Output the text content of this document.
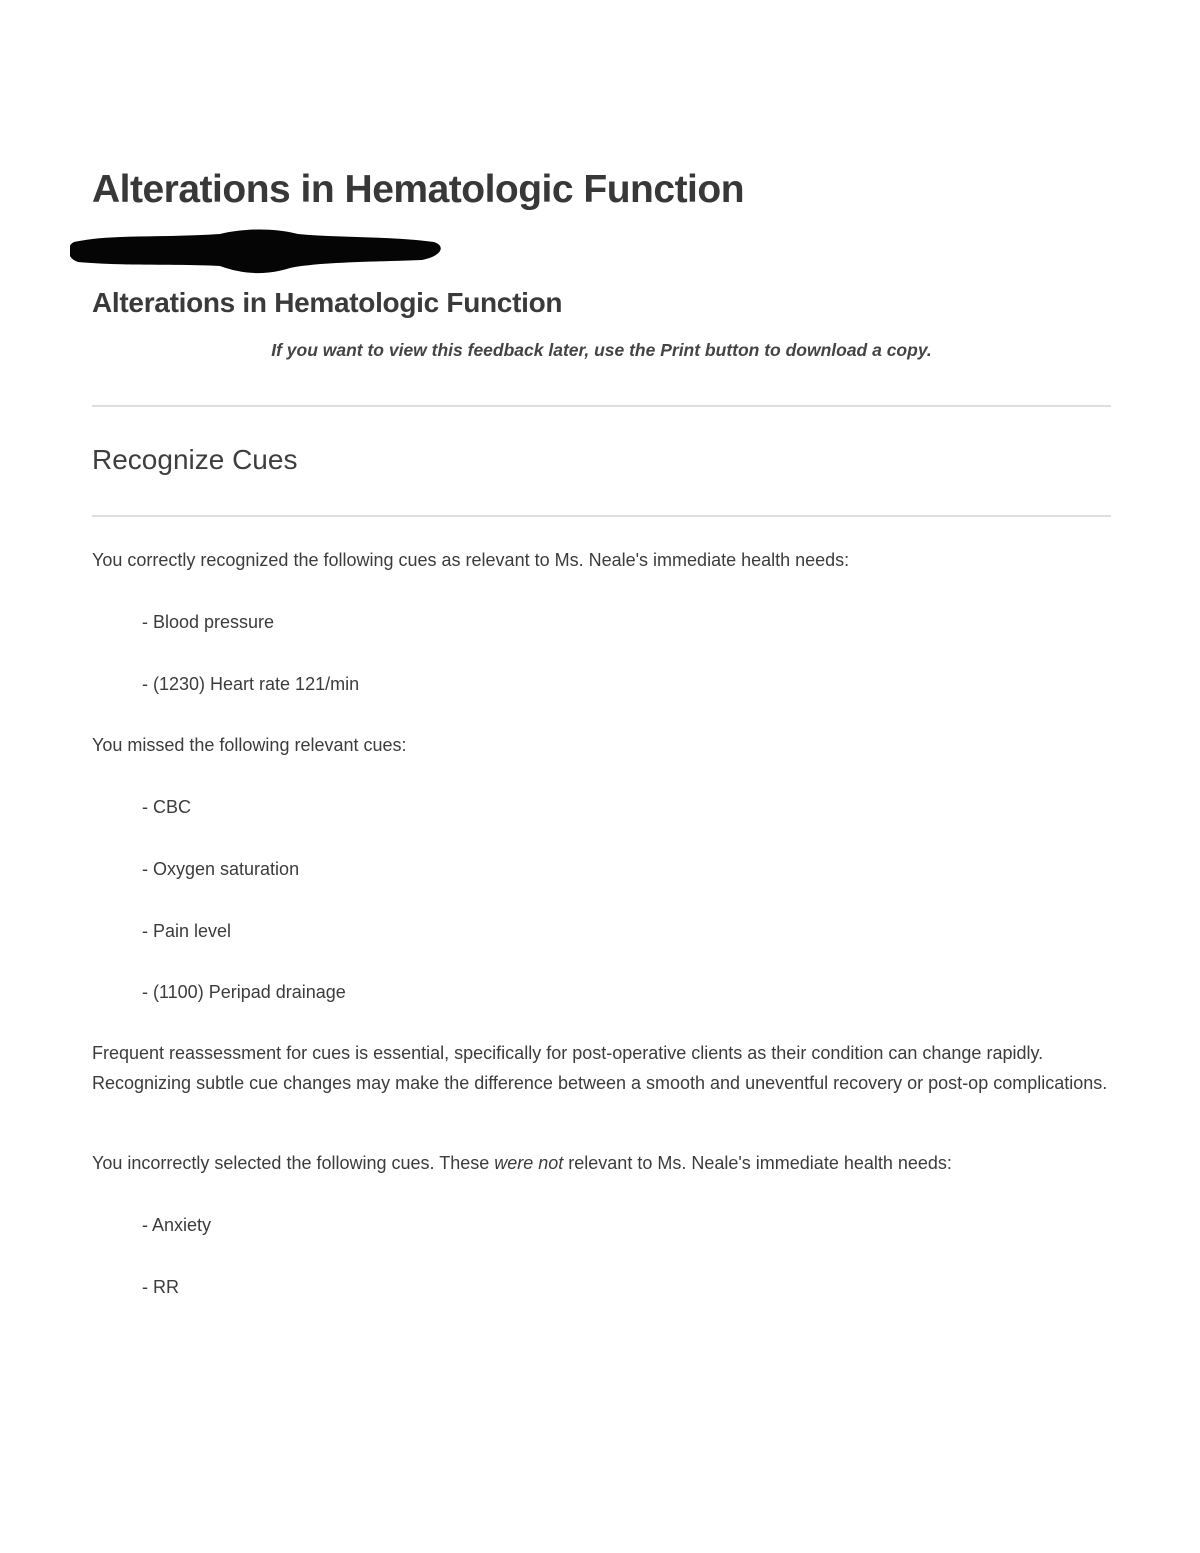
Alterations in Hematologic Function
Alterations in Hematologic Function

If you want to view this feedback later, use the Print button to download a copy.

Recognize Cues

You correctly recognized the following cues as relevant to Ms. Neale's immediate health needs:

- Blood pressure

- (1230) Heart rate 121/min

You missed the following relevant cues:

- CBC

- Oxygen saturation

- Pain level

- (1100) Peripad drainage

Frequent reassessment for cues is essential, specifically for post-operative clients as their condition can change rapidly. Recognizing subtle cue changes may make the difference between a smooth and uneventful recovery or post-op complications.

You incorrectly selected the following cues. These were not relevant to Ms. Neale's immediate health needs:

- Anxiety

- RR
